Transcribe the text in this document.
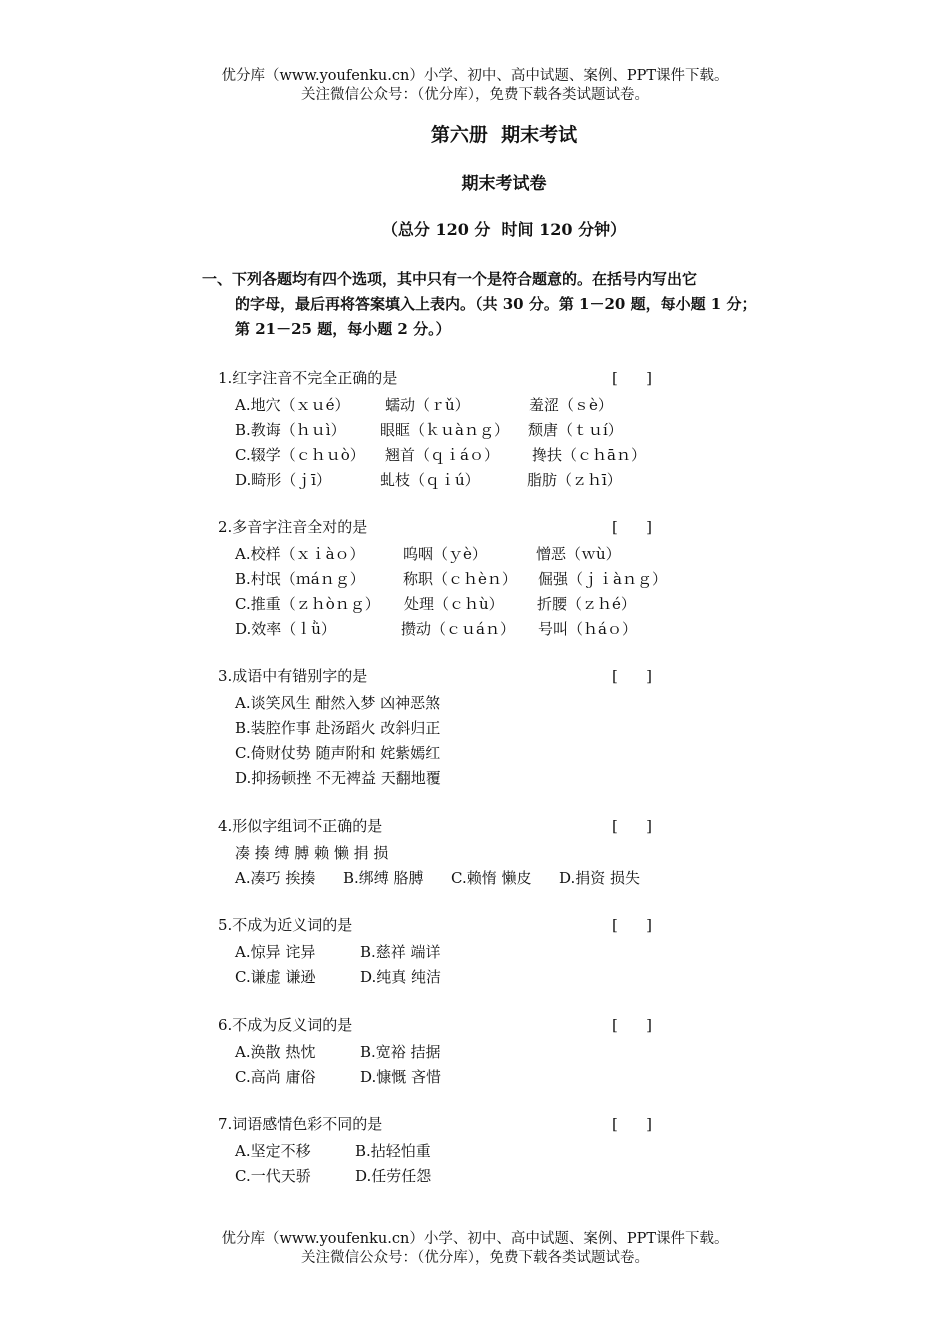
优分库（www.youfenku.cn）小学、初中、高中试题、案例、PPT课件下载。
关注微信公众号：（优分库），免费下载各类试题试卷。
第六册  期末考试
期末考试卷
（总分 120 分  时间 120 分钟）
一、下列各题均有四个选项，其中只有一个是符合题意的。在括号内写出它
的字母，最后再将答案填入上表内。（共 30 分。第 1－20 题，每小题 1 分；
第 21－25 题，每小题 2 分。）
1.红字注音不完全正确的是	[ ]
A.地穴（ｘｕé） 蠕动（ｒǔ）	羞涩（ｓè）
B.教诲（ｈｕì） 眼眶（ｋｕàｎｇ） 颓唐（ｔｕí）
C.辍学（ｃｈｕò） 翘首（ｑｉáｏ） 搀扶（ｃｈāｎ）
D.畸形（ｊī）	虬枝（ｑｉú）	脂肪（ｚｈī）
2.多音字注音全对的是	[ ]
A.校样（ｘｉàｏ）	呜咽（ｙè）	憎恶（ｗù）
B.村氓（ｍáｎｇ）	称职（ｃｈèｎ） 倔强（ｊｉàｎｇ）
C.推重（ｚｈòｎｇ） 处理（ｃｈù） 折腰（ｚｈé）
D.效率（ｌǜ）	攒动（ｃｕáｎ） 号叫（ｈáｏ）
3.成语中有错别字的是	[ ]
A.谈笑风生 酣然入梦 凶神恶煞
B.装腔作事 赴汤蹈火 改斜归正
C.倚财仗势 随声附和 姹紫嫣红
D.抑扬顿挫 不无裨益 天翻地覆
4.形似字组词不正确的是	[ ]
凑 揍 缚 膊 赖 懒 捐 损
A.凑巧 挨揍 B.绑缚 胳膊 C.赖惰 懒皮 D.捐资 损失
5.不成为近义词的是	[ ]
A.惊异 诧异	B.慈祥 端详
C.谦虚 谦逊	D.纯真 纯洁
6.不成为反义词的是	[ ]
A.涣散 热忱	B.宽裕 拮据
C.高尚 庸俗	D.慷慨 吝惜
7.词语感情色彩不同的是	[ ]
A.坚定不移	B.拈轻怕重
C.一代天骄	D.任劳任怨
优分库（www.youfenku.cn）小学、初中、高中试题、案例、PPT课件下载。
关注微信公众号：（优分库），免费下载各类试题试卷。
